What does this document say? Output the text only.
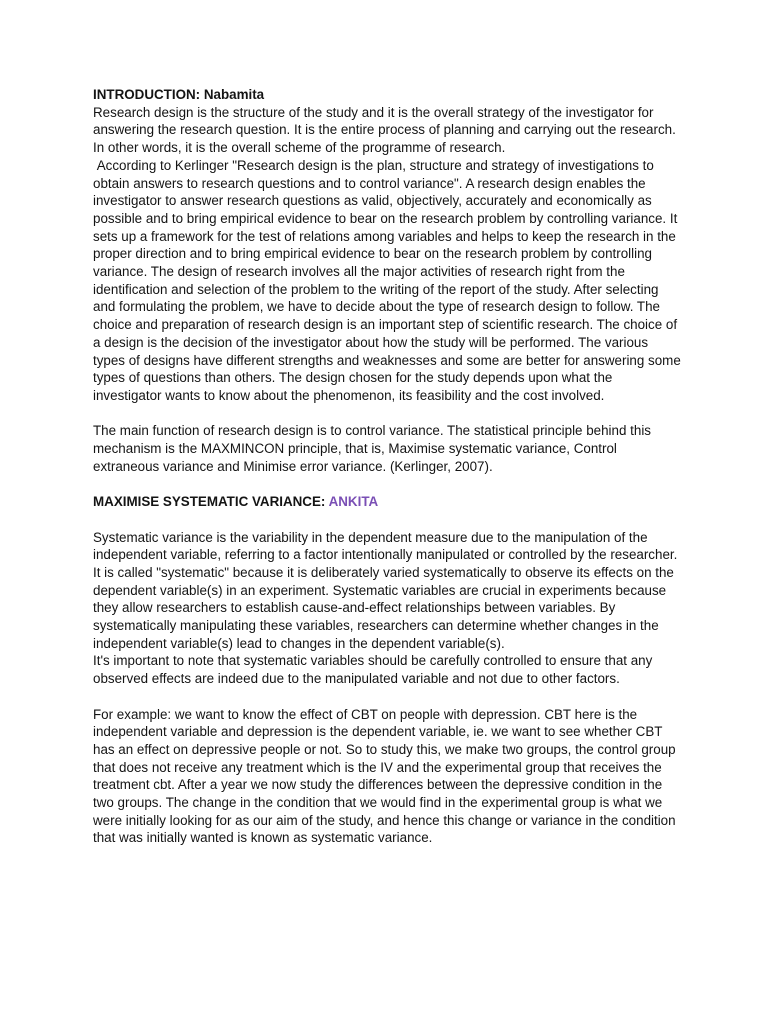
INTRODUCTION: Nabamita

Research design is the structure of the study and it is the overall strategy of the investigator for answering the research question. It is the entire process of planning and carrying out the research. In other words, it is the overall scheme of the programme of research.

According to Kerlinger "Research design is the plan, structure and strategy of investigations to obtain answers to research questions and to control variance". A research design enables the investigator to answer research questions as valid, objectively, accurately and economically as possible and to bring empirical evidence to bear on the research problem by controlling variance. It sets up a framework for the test of relations among variables and helps to keep the research in the proper direction and to bring empirical evidence to bear on the research problem by controlling variance. The design of research involves all the major activities of research right from the identification and selection of the problem to the writing of the report of the study. After selecting and formulating the problem, we have to decide about the type of research design to follow. The choice and preparation of research design is an important step of scientific research. The choice of a design is the decision of the investigator about how the study will be performed. The various types of designs have different strengths and weaknesses and some are better for answering some types of questions than others. The design chosen for the study depends upon what the investigator wants to know about the phenomenon, its feasibility and the cost involved.

The main function of research design is to control variance. The statistical principle behind this mechanism is the MAXMINCON principle, that is, Maximise systematic variance, Control extraneous variance and Minimise error variance. (Kerlinger, 2007).

MAXIMISE SYSTEMATIC VARIANCE: ANKITA

Systematic variance is the variability in the dependent measure due to the manipulation of the independent variable, referring to a factor intentionally manipulated or controlled by the researcher. It is called "systematic" because it is deliberately varied systematically to observe its effects on the dependent variable(s) in an experiment. Systematic variables are crucial in experiments because they allow researchers to establish cause-and-effect relationships between variables. By systematically manipulating these variables, researchers can determine whether changes in the independent variable(s) lead to changes in the dependent variable(s).

It's important to note that systematic variables should be carefully controlled to ensure that any observed effects are indeed due to the manipulated variable and not due to other factors.

For example: we want to know the effect of CBT on people with depression. CBT here is the independent variable and depression is the dependent variable, ie. we want to see whether CBT has an effect on depressive people or not. So to study this, we make two groups, the control group that does not receive any treatment which is the IV and the experimental group that receives the treatment cbt. After a year we now study the differences between the depressive condition in the two groups. The change in the condition that we would find in the experimental group is what we were initially looking for as our aim of the study, and hence this change or variance in the condition that was initially wanted is known as systematic variance.
